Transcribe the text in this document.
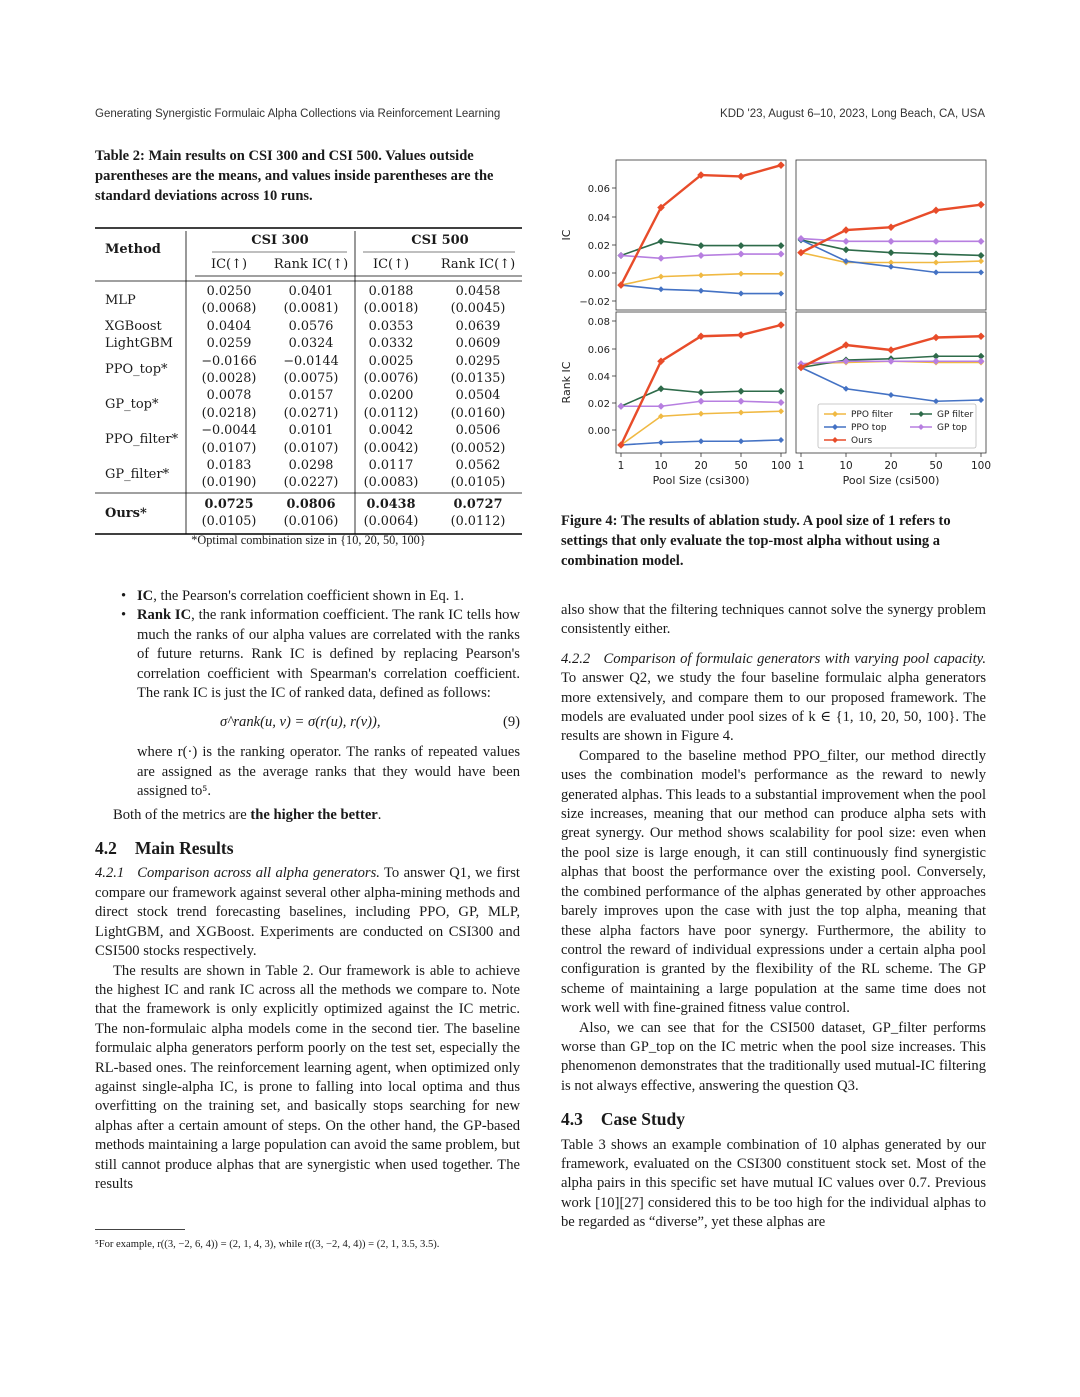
Generating Synergistic Formulaic Alpha Collections via Reinforcement Learning	KDD '23, August 6–10, 2023, Long Beach, CA, USA
Table 2: Main results on CSI 300 and CSI 500. Values outside parentheses are the means, and values inside parentheses are the standard deviations across 10 runs.
Method
CSI 300	CSI 500
IC(↑)	Rank IC(↑)	IC(↑)	Rank IC(↑)
MLP
0.0250	0.0401	0.0188	0.0458
(0.0068)	(0.0081)	(0.0018)	(0.0045)
XGBoost	0.0404	0.0576	0.0353	0.0639
LightGBM	0.0259	0.0324	0.0332	0.0609
PPO_top*
−0.0166	−0.0144	0.0025	0.0295
(0.0028)	(0.0075)	(0.0076)	(0.0135)
GP_top*
0.0078	0.0157	0.0200	0.0504
(0.0218)	(0.0271)	(0.0112)	(0.0160)
PPO_filter*
−0.0044	0.0101	0.0042	0.0506
(0.0107)	(0.0107)	(0.0042)	(0.0052)
GP_filter*
0.0183	0.0298	0.0117	0.0562
(0.0190)	(0.0227)	(0.0083)	(0.0105)
Ours*
0.0725	0.0806	0.0438	0.0727
(0.0105)	(0.0106)	(0.0064)	(0.0112)
*Optimal combination size in {10, 20, 50, 100}
0.06
0.04
0.02
0.00
−0.02
IC
0.08
0.06
0.04
0.02
0.00
Rank IC
1	10	20	50 100
Pool Size (csi300)
1	10	20	50	100
Pool Size (csi500)
PPO filter	GP filter
PPO top	GP top
Ours
Figure 4: The results of ablation study. A pool size of 1 refers to settings that only evaluate the top-most alpha without using a combination model.
• IC, the Pearson's correlation coefficient shown in Eq. 1.
• Rank IC, the rank information coefficient. The rank IC tells how much the ranks of our alpha values are correlated with the ranks of future returns. Rank IC is defined by replacing Pearson's correlation coefficient with Spearman's correlation coefficient. The rank IC is just the IC of ranked data, defined as follows:
σ^rank(u, v) = σ(r(u), r(v)),	(9)
where r(·) is the ranking operator. The ranks of repeated values are assigned as the average ranks that they would have been assigned to⁵.
Both of the metrics are the higher the better.
4.2 Main Results

4.2.1 Comparison across all alpha generators. To answer Q1, we first compare our framework against several other alpha-mining methods and direct stock trend forecasting baselines, including PPO, GP, MLP, LightGBM, and XGBoost. Experiments are conducted on CSI300 and CSI500 stocks respectively.

The results are shown in Table 2. Our framework is able to achieve the highest IC and rank IC across all the methods we compare to. Note that the framework is only explicitly optimized against the IC metric. The non-formulaic alpha models come in the second tier. The baseline formulaic alpha generators perform poorly on the test set, especially the RL-based ones. The reinforcement learning agent, when optimized only against single-alpha IC, is prone to falling into local optima and thus overfitting on the training set, and basically stops searching for new alphas after a certain amount of steps. On the other hand, the GP-based methods maintaining a large population can avoid the same problem, but still cannot produce alphas that are synergistic when used together. The results

⁵For example, r((3, −2, 6, 4)) = (2, 1, 4, 3), while r((3, −2, 4, 4)) = (2, 1, 3.5, 3.5).

also show that the filtering techniques cannot solve the synergy problem consistently either.

4.2.2 Comparison of formulaic generators with varying pool capacity. To answer Q2, we study the four baseline formulaic alpha generators more extensively, and compare them to our proposed framework. The models are evaluated under pool sizes of k ∈ {1, 10, 20, 50, 100}. The results are shown in Figure 4.

Compared to the baseline method PPO_filter, our method directly uses the combination model's performance as the reward to newly generated alphas. This leads to a substantial improvement when the pool size increases, meaning that our method can produce alpha sets with great synergy. Our method shows scalability for pool size: even when the pool size is large enough, it can still continuously find synergistic alphas that boost the performance over the existing pool. Conversely, the combined performance of the alphas generated by other approaches barely improves upon the case with just the top alpha, meaning that these alpha factors have poor synergy. Furthermore, the ability to control the reward of individual expressions under a certain alpha pool configuration is granted by the flexibility of the RL scheme. The GP scheme of maintaining a large population at the same time does not work well with fine-grained fitness value control.

Also, we can see that for the CSI500 dataset, GP_filter performs worse than GP_top on the IC metric when the pool size increases. This phenomenon demonstrates that the traditionally used mutual-IC filtering is not always effective, answering the question Q3.

4.3 Case Study

Table 3 shows an example combination of 10 alphas generated by our framework, evaluated on the CSI300 constituent stock set. Most of the alpha pairs in this specific set have mutual IC values over 0.7. Previous work [10][27] considered this to be too high for the individual alphas to be regarded as “diverse”, yet these alphas are
